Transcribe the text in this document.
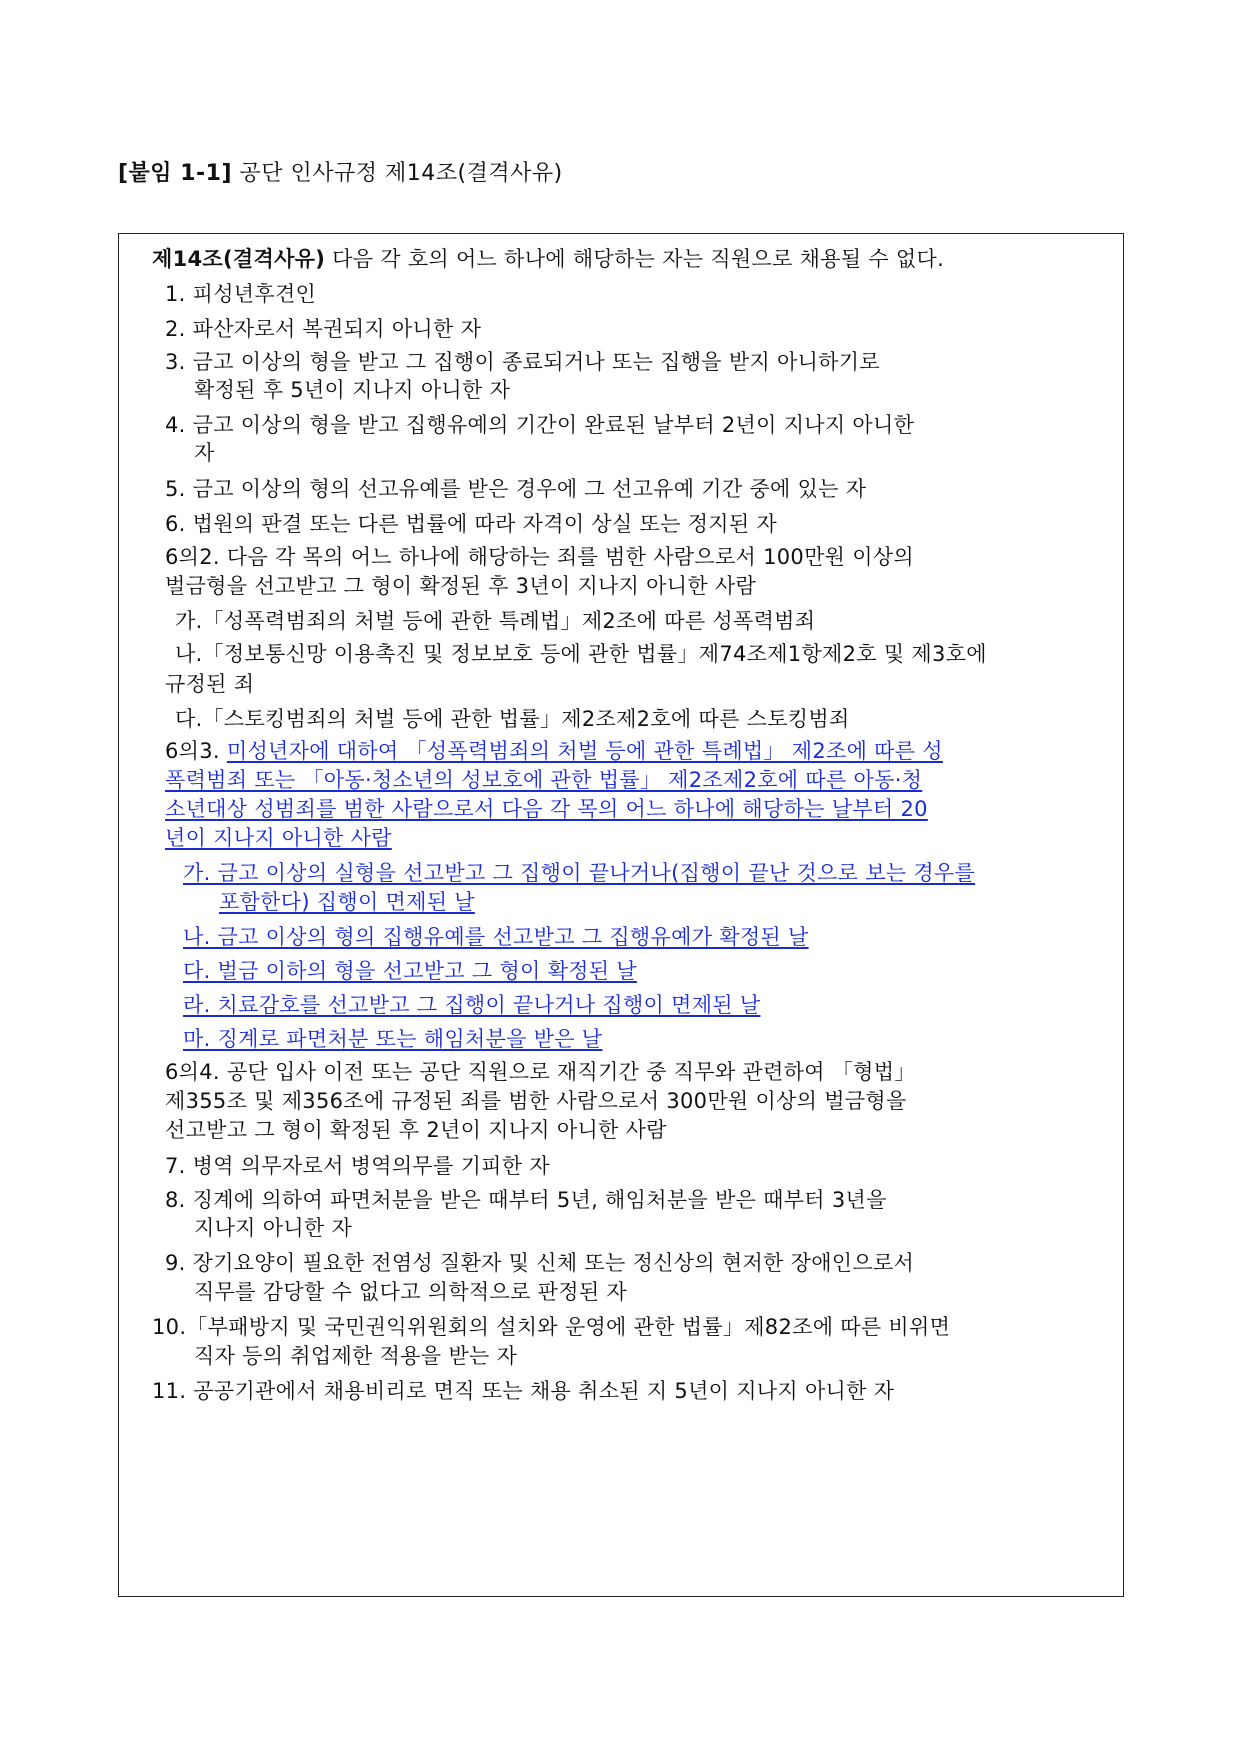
[붙임 1-1] 공단 인사규정 제14조(결격사유)
제14조(결격사유) 다음 각 호의 어느 하나에 해당하는 자는 직원으로 채용될 수 없다.
1. 피성년후견인
2. 파산자로서 복권되지 아니한 자
3. 금고 이상의 형을 받고 그 집행이 종료되거나 또는 집행을 받지 아니하기로
확정된 후 5년이 지나지 아니한 자
4. 금고 이상의 형을 받고 집행유예의 기간이 완료된 날부터 2년이 지나지 아니한
자
5. 금고 이상의 형의 선고유예를 받은 경우에 그 선고유예 기간 중에 있는 자
6. 법원의 판결 또는 다른 법률에 따라 자격이 상실 또는 정지된 자
6의2. 다음 각 목의 어느 하나에 해당하는 죄를 범한 사람으로서 100만원 이상의
벌금형을 선고받고 그 형이 확정된 후 3년이 지나지 아니한 사람
가.「성폭력범죄의 처벌 등에 관한 특례법」제2조에 따른 성폭력범죄
나.「정보통신망 이용촉진 및 정보보호 등에 관한 법률」제74조제1항제2호 및 제3호에
규정된 죄
다.「스토킹범죄의 처벌 등에 관한 법률」제2조제2호에 따른 스토킹범죄
6의3. 미성년자에 대하여 「성폭력범죄의 처벌 등에 관한 특례법」 제2조에 따른 성
폭력범죄 또는 「아동·청소년의 성보호에 관한 법률」 제2조제2호에 따른 아동·청
소년대상 성범죄를 범한 사람으로서 다음 각 목의 어느 하나에 해당하는 날부터 20
년이 지나지 아니한 사람
가. 금고 이상의 실형을 선고받고 그 집행이 끝나거나(집행이 끝난 것으로 보는 경우를
포함한다) 집행이 면제된 날
나. 금고 이상의 형의 집행유예를 선고받고 그 집행유예가 확정된 날
다. 벌금 이하의 형을 선고받고 그 형이 확정된 날
라. 치료감호를 선고받고 그 집행이 끝나거나 집행이 면제된 날
마. 징계로 파면처분 또는 해임처분을 받은 날
6의4. 공단 입사 이전 또는 공단 직원으로 재직기간 중 직무와 관련하여 「형법」
제355조 및 제356조에 규정된 죄를 범한 사람으로서 300만원 이상의 벌금형을
선고받고 그 형이 확정된 후 2년이 지나지 아니한 사람
7. 병역 의무자로서 병역의무를 기피한 자
8. 징계에 의하여 파면처분을 받은 때부터 5년, 해임처분을 받은 때부터 3년을
지나지 아니한 자
9. 장기요양이 필요한 전염성 질환자 및 신체 또는 정신상의 현저한 장애인으로서
직무를 감당할 수 없다고 의학적으로 판정된 자
10.「부패방지 및 국민권익위원회의 설치와 운영에 관한 법률」제82조에 따른 비위면
직자 등의 취업제한 적용을 받는 자
11. 공공기관에서 채용비리로 면직 또는 채용 취소된 지 5년이 지나지 아니한 자
